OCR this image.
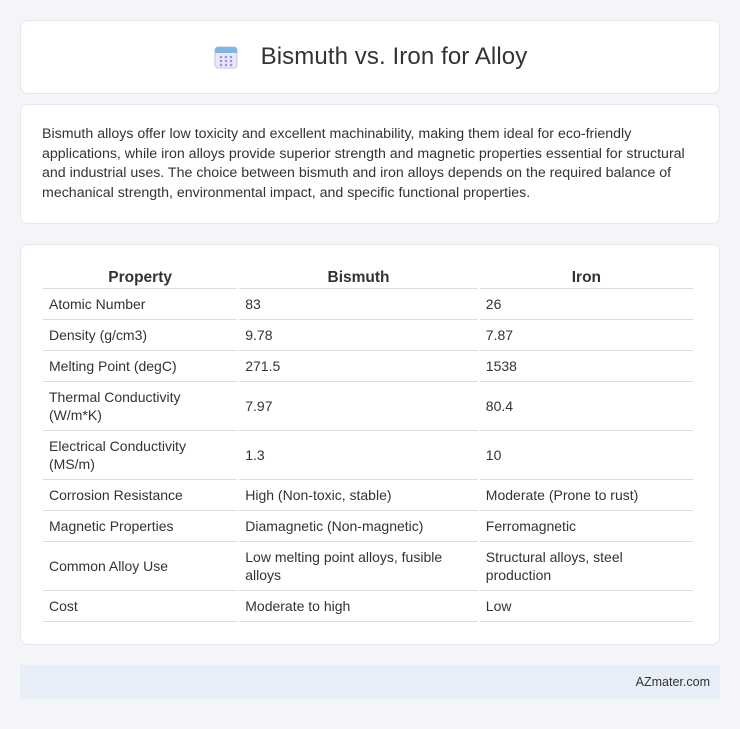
Bismuth vs. Iron for Alloy

Bismuth alloys offer low toxicity and excellent machinability, making them ideal for eco-friendly applications, while iron alloys provide superior strength and magnetic properties essential for structural and industrial uses. The choice between bismuth and iron alloys depends on the required balance of mechanical strength, environmental impact, and specific functional properties.

Property	Bismuth	Iron
Atomic Number	83	26
Density (g/cm3)	9.78	7.87
Melting Point (degC)	271.5	1538
Thermal Conductivity (W/m*K)	7.97	80.4
Electrical Conductivity (MS/m)	1.3	10
Corrosion Resistance	High (Non-toxic, stable)	Moderate (Prone to rust)
Magnetic Properties	Diamagnetic (Non-magnetic)	Ferromagnetic
Common Alloy Use	Low melting point alloys, fusible alloys	Structural alloys, steel production
Cost	Moderate to high	Low
AZmater.com
